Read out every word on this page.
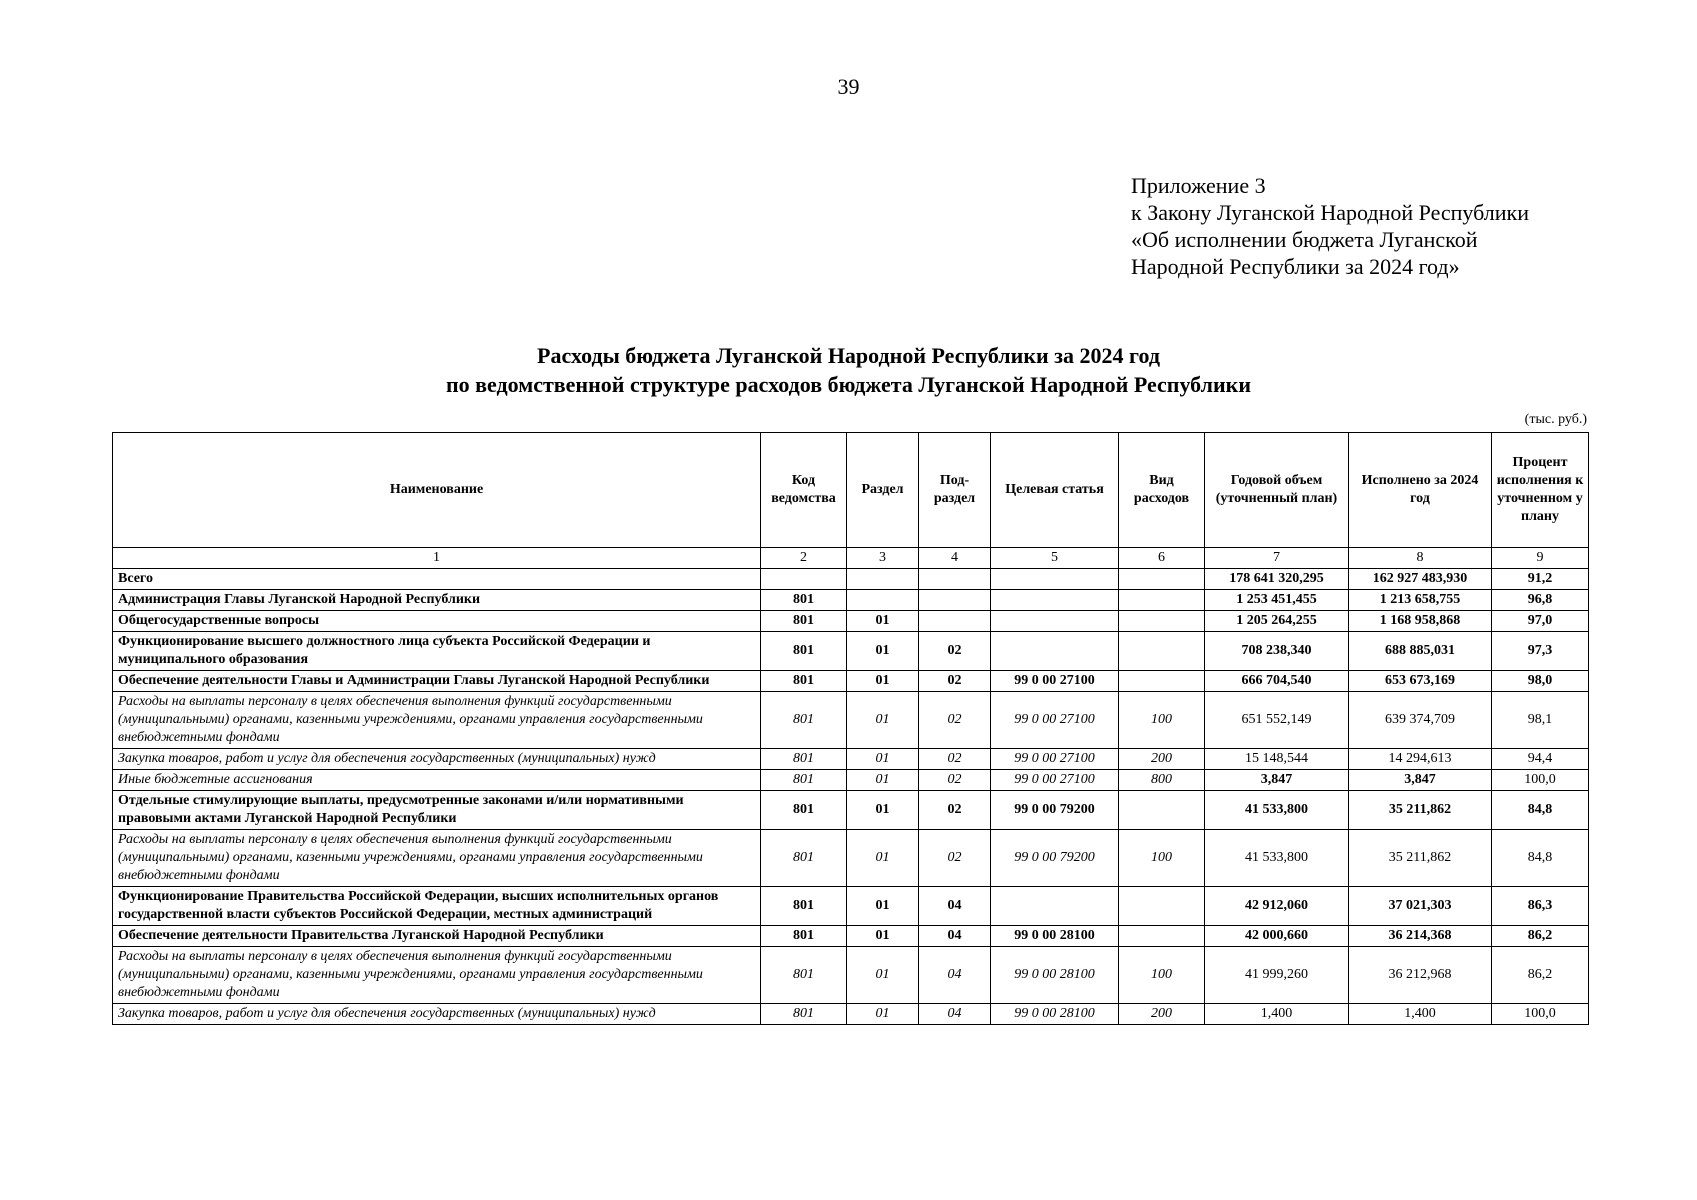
39
Приложение 3
к Закону Луганской Народной Республики
«Об исполнении бюджета Луганской
Народной Республики за 2024 год»
Расходы бюджета Луганской Народной Республики за 2024 год
по ведомственной структуре расходов бюджета Луганской Народной Республики
(тыс. руб.)
Наименование	Код ведомства	Раздел	Под-раздел	Целевая статья	Вид расходов	Годовой объем (уточненный план)	Исполнено за 2024 год	Процент исполнения к уточненном у плану
1	2	3	4	5	6	7	8	9
Всего						178 641 320,295	162 927 483,930	91,2
Администрация Главы Луганской Народной Республики	801					1 253 451,455	1 213 658,755	96,8
Общегосударственные вопросы	801	01				1 205 264,255	1 168 958,868	97,0
Функционирование высшего должностного лица субъекта Российской Федерации и муниципального образования	801	01	02			708 238,340	688 885,031	97,3
Обеспечение деятельности Главы и Администрации Главы Луганской Народной Республики	801	01	02	99 0 00 27100		666 704,540	653 673,169	98,0
Расходы на выплаты персоналу в целях обеспечения выполнения функций государственными (муниципальными) органами, казенными учреждениями, органами управления государственными внебюджетными фондами	801	01	02	99 0 00 27100	100	651 552,149	639 374,709	98,1
Закупка товаров, работ и услуг для обеспечения государственных (муниципальных) нужд	801	01	02	99 0 00 27100	200	15 148,544	14 294,613	94,4
Иные бюджетные ассигнования	801	01	02	99 0 00 27100	800	3,847	3,847	100,0
Отдельные стимулирующие выплаты, предусмотренные законами и/или нормативными правовыми актами Луганской Народной Республики	801	01	02	99 0 00 79200		41 533,800	35 211,862	84,8
Расходы на выплаты персоналу в целях обеспечения выполнения функций государственными (муниципальными) органами, казенными учреждениями, органами управления государственными внебюджетными фондами	801	01	02	99 0 00 79200	100	41 533,800	35 211,862	84,8
Функционирование Правительства Российской Федерации, высших исполнительных органов государственной власти субъектов Российской Федерации, местных администраций	801	01	04			42 912,060	37 021,303	86,3
Обеспечение деятельности Правительства Луганской Народной Республики	801	01	04	99 0 00 28100		42 000,660	36 214,368	86,2
Расходы на выплаты персоналу в целях обеспечения выполнения функций государственными (муниципальными) органами, казенными учреждениями, органами управления государственными внебюджетными фондами	801	01	04	99 0 00 28100	100	41 999,260	36 212,968	86,2
Закупка товаров, работ и услуг для обеспечения государственных (муниципальных) нужд	801	01	04	99 0 00 28100	200	1,400	1,400	100,0
